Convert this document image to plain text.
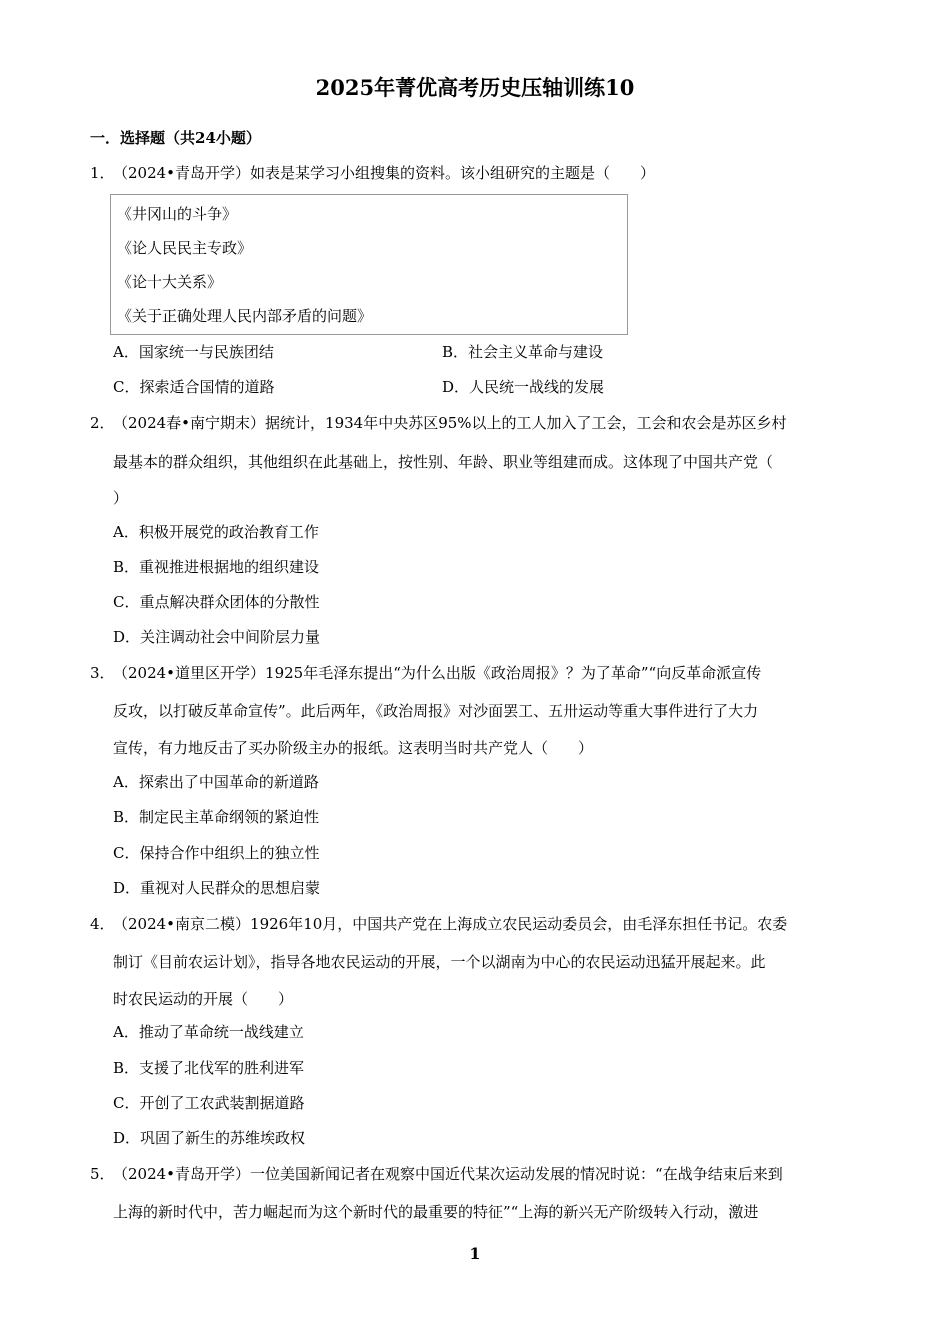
2025年菁优高考历史压轴训练10
一．选择题（共24小题）
1．
（2024•青岛开学）如表是某学习小组搜集的资料。该小组研究的主题是（　　）
《井冈山的斗争》
《论人民民主专政》
《论十大关系》
《关于正确处理人民内部矛盾的问题》
A．国家统一与民族团结	B．社会主义革命与建设
C．探索适合国情的道路	D．人民统一战线的发展
2．
（2024春•南宁期末）据统计，1934年中央苏区95%以上的工人加入了工会，工会和农会是苏区乡村
最基本的群众组织，其他组织在此基础上，按性别、年龄、职业等组建而成。这体现了中国共产党（
）
A．积极开展党的政治教育工作
B．重视推进根据地的组织建设
C．重点解决群众团体的分散性
D．关注调动社会中间阶层力量
3．
（2024•道里区开学）1925年毛泽东提出“为什么出版《政治周报》？为了革命”“向反革命派宣传
反攻，以打破反革命宣传”。此后两年，《政治周报》对沙面罢工、五卅运动等重大事件进行了大力
宣传，有力地反击了买办阶级主办的报纸。这表明当时共产党人（　　）
A．探索出了中国革命的新道路
B．制定民主革命纲领的紧迫性
C．保持合作中组织上的独立性
D．重视对人民群众的思想启蒙
4．
（2024•南京二模）1926年10月，中国共产党在上海成立农民运动委员会，由毛泽东担任书记。农委
制订《目前农运计划》，指导各地农民运动的开展，一个以湖南为中心的农民运动迅猛开展起来。此
时农民运动的开展（　　）
A．推动了革命统一战线建立
B．支援了北伐军的胜利进军
C．开创了工农武装割据道路
D．巩固了新生的苏维埃政权
5．
（2024•青岛开学）一位美国新闻记者在观察中国近代某次运动发展的情况时说：“在战争结束后来到
上海的新时代中，苦力崛起而为这个新时代的最重要的特征”“上海的新兴无产阶级转入行动，激进
1
